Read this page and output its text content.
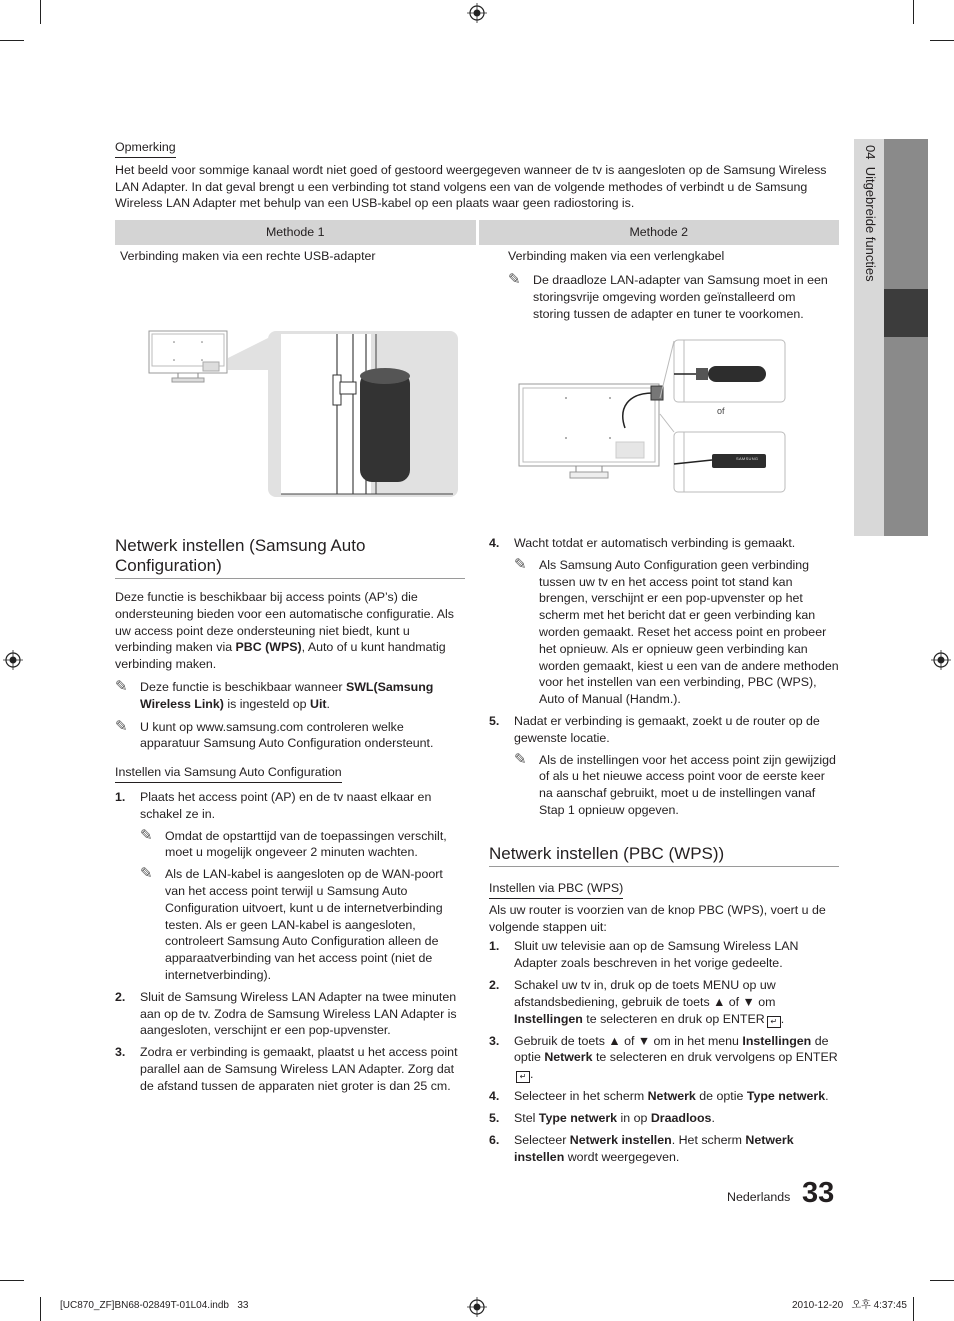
04  Uitgebreide functies
Opmerking

Het beeld voor sommige kanaal wordt niet goed of gestoord weergegeven wanneer de tv is aangesloten op de Samsung Wireless LAN Adapter. In dat geval brengt u een verbinding tot stand volgens een van de volgende methodes of verbindt u de Samsung Wireless LAN Adapter met behulp van een USB-kabel op een plaats waar geen radiostoring is.

Methode 1	Methode 2
Verbinding maken via een rechte USB-adapter	Verbinding maken via een verlengkabel
✎ De draadloze LAN-adapter van Samsung moet in een storingsvrije omgeving worden geïnstalleerd om storing tussen de adapter en tuner te voorkomen.
of
SAMSUNG
Netwerk instellen (Samsung Auto Configuration)

Deze functie is beschikbaar bij access points (AP’s) die ondersteuning bieden voor een automatische configuratie. Als uw access point deze ondersteuning niet biedt, kunt u verbinding maken via PBC (WPS), Auto of u kunt handmatig verbinding maken.

✎ Deze functie is beschikbaar wanneer SWL(Samsung Wireless Link) is ingesteld op Uit.
✎ U kunt op www.samsung.com controleren welke apparatuur Samsung Auto Configuration ondersteunt.
Instellen via Samsung Auto Configuration
1. Plaats het access point (AP) en de tv naast elkaar en schakel ze in.
✎ Omdat de opstarttijd van de toepassingen verschilt, moet u mogelijk ongeveer 2 minuten wachten.
✎ Als de LAN-kabel is aangesloten op de WAN-poort van het access point terwijl u Samsung Auto Configuration uitvoert, kunt u de internetverbinding testen. Als er geen LAN-kabel is aangesloten, controleert Samsung Auto Configuration alleen de apparaatverbinding van het access point (niet de internetverbinding).
2. Sluit de Samsung Wireless LAN Adapter na twee minuten aan op de tv. Zodra de Samsung Wireless LAN Adapter is aangesloten, verschijnt er een pop-upvenster.
3. Zodra er verbinding is gemaakt, plaatst u het access point parallel aan de Samsung Wireless LAN Adapter. Zorg dat de afstand tussen de apparaten niet groter is dan 25 cm.
4. Wacht totdat er automatisch verbinding is gemaakt.
✎ Als Samsung Auto Configuration geen verbinding tussen uw tv en het access point tot stand kan brengen, verschijnt er een pop-upvenster op het scherm met het bericht dat er geen verbinding kan worden gemaakt. Reset het access point en probeer het opnieuw. Als er opnieuw geen verbinding kan worden gemaakt, kiest u een van de andere methoden voor het instellen van een verbinding, PBC (WPS), Auto of Manual (Handm.).
5. Nadat er verbinding is gemaakt, zoekt u de router op de gewenste locatie.
✎ Als de instellingen voor het access point zijn gewijzigd of als u het nieuwe access point voor de eerste keer na aanschaf gebruikt, moet u de instellingen vanaf Stap 1 opnieuw opgeven.
Netwerk instellen (PBC (WPS))
Instellen via PBC (WPS)

Als uw router is voorzien van de knop PBC (WPS), voert u de volgende stappen uit:

1. Sluit uw televisie aan op de Samsung Wireless LAN Adapter zoals beschreven in het vorige gedeelte.
2. Schakel uw tv in, druk op de toets MENU op uw afstandsbediening, gebruik de toets ▲ of ▼ om Instellingen te selecteren en druk op ENTER ↵ .
3. Gebruik de toets ▲ of ▼ om in het menu Instellingen de optie Netwerk te selecteren en druk vervolgens op ENTER↵ .
4. Selecteer in het scherm Netwerk de optie Type netwerk.
5. Stel Type netwerk in op Draadloos.
6. Selecteer Netwerk instellen. Het scherm Netwerk instellen wordt weergegeven.
Nederlands 33
[UC870_ZF]BN68-02849T-01L04.indb   33	2010-12-20   오후 4:37:45
